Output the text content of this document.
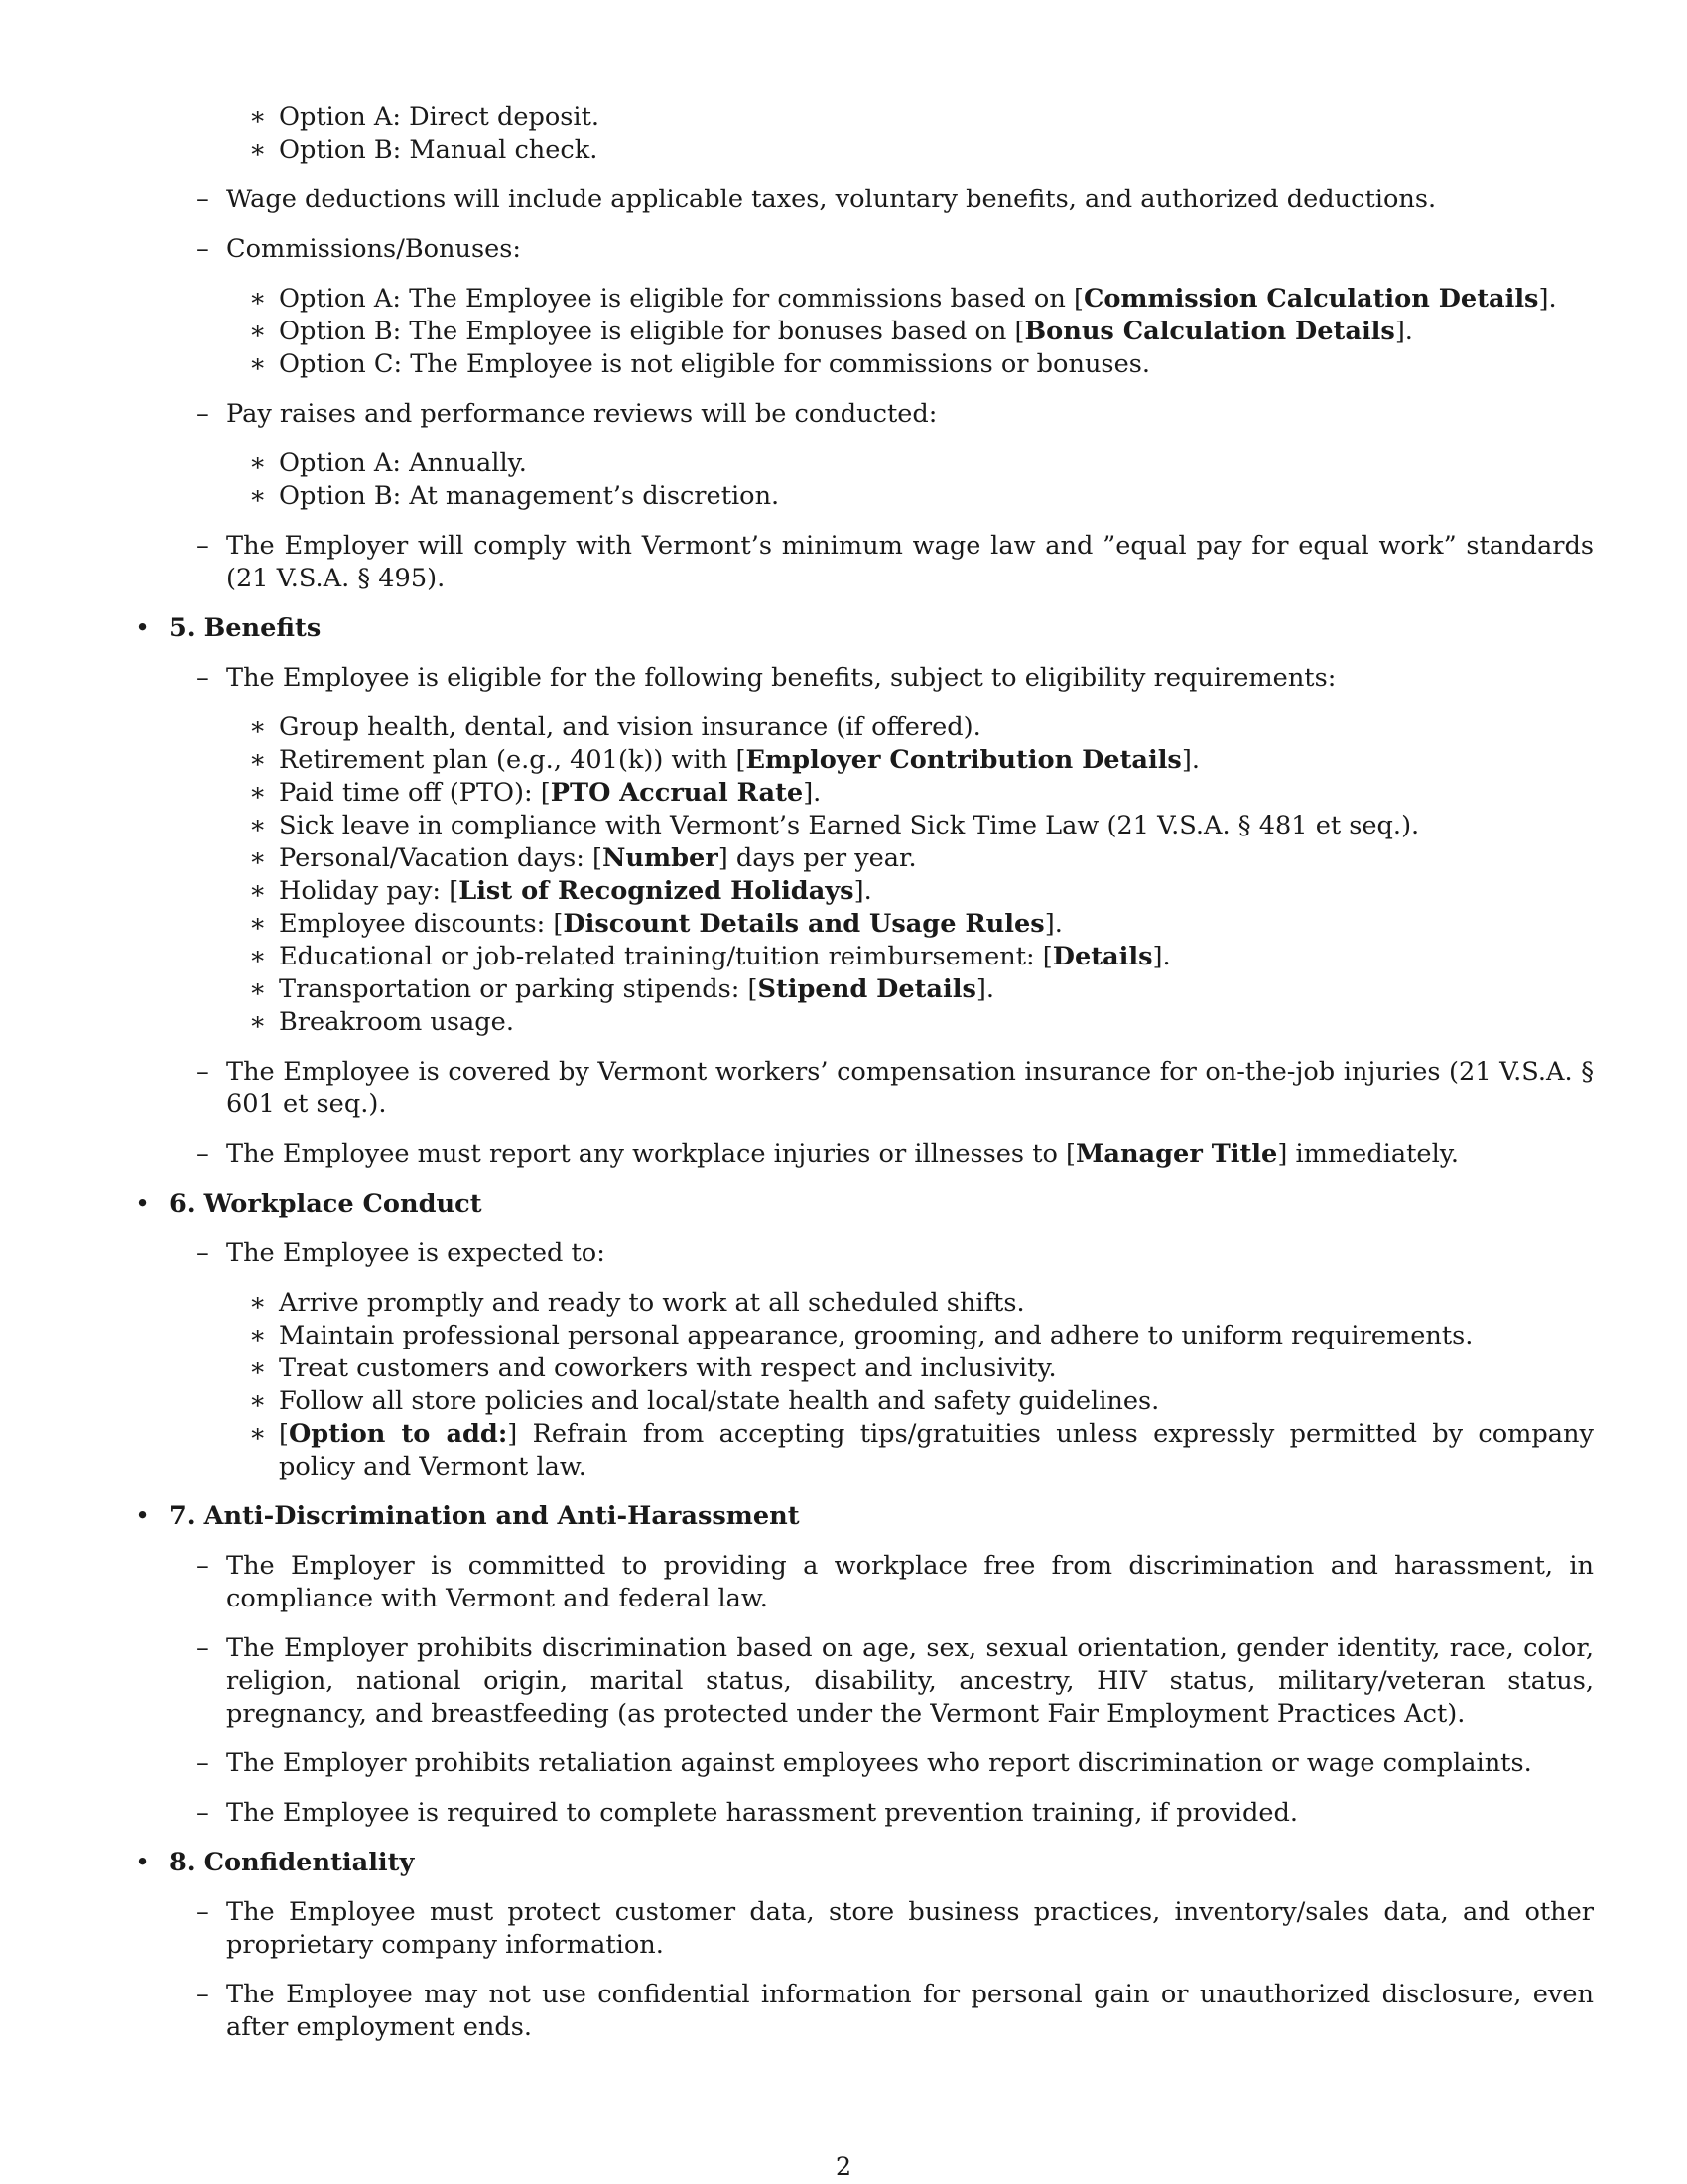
∗ Option A: Direct deposit.
∗ Option B: Manual check.
– Wage deductions will include applicable taxes, voluntary benefits, and authorized deductions.
– Commissions/Bonuses:
∗ Option A: The Employee is eligible for commissions based on [Commission Calculation Details].
∗ Option B: The Employee is eligible for bonuses based on [Bonus Calculation Details].
∗ Option C: The Employee is not eligible for commissions or bonuses.
– Pay raises and performance reviews will be conducted:
∗ Option A: Annually.
∗ Option B: At management’s discretion.
– The Employer will comply with Vermont’s minimum wage law and ”equal pay for equal work” standards (21 V.S.A. § 495).
• 5. Benefits
– The Employee is eligible for the following benefits, subject to eligibility requirements:
∗ Group health, dental, and vision insurance (if offered).
∗ Retirement plan (e.g., 401(k)) with [Employer Contribution Details].
∗ Paid time off (PTO): [PTO Accrual Rate].
∗ Sick leave in compliance with Vermont’s Earned Sick Time Law (21 V.S.A. § 481 et seq.).
∗ Personal/Vacation days: [Number] days per year.
∗ Holiday pay: [List of Recognized Holidays].
∗ Employee discounts: [Discount Details and Usage Rules].
∗ Educational or job-related training/tuition reimbursement: [Details].
∗ Transportation or parking stipends: [Stipend Details].
∗ Breakroom usage.
– The Employee is covered by Vermont workers’ compensation insurance for on-the-job injuries (21 V.S.A. § 601 et seq.).
– The Employee must report any workplace injuries or illnesses to [Manager Title] immediately.
• 6. Workplace Conduct
– The Employee is expected to:
∗ Arrive promptly and ready to work at all scheduled shifts.
∗ Maintain professional personal appearance, grooming, and adhere to uniform requirements.
∗ Treat customers and coworkers with respect and inclusivity.
∗ Follow all store policies and local/state health and safety guidelines.
∗ [Option to add:] Refrain from accepting tips/gratuities unless expressly permitted by company policy and Vermont law.
• 7. Anti-Discrimination and Anti-Harassment
– The Employer is committed to providing a workplace free from discrimination and harassment, in compliance with Vermont and federal law.
– The Employer prohibits discrimination based on age, sex, sexual orientation, gender identity, race, color, religion, national origin, marital status, disability, ancestry, HIV status, military/veteran status, pregnancy, and breastfeeding (as protected under the Vermont Fair Employment Practices Act).
– The Employer prohibits retaliation against employees who report discrimination or wage complaints.
– The Employee is required to complete harassment prevention training, if provided.
• 8. Confidentiality
– The Employee must protect customer data, store business practices, inventory/sales data, and other proprietary company information.
– The Employee may not use confidential information for personal gain or unauthorized disclosure, even after employment ends.
2
